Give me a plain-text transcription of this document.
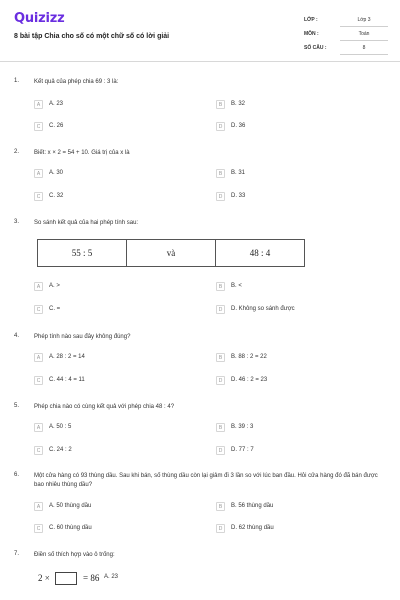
Quizizz
8 bài tập Chia cho số có một chữ số có lời giải
LỚP :	Lớp 3
MÔN :	Toán
SỐ CÂU :	8
1. Kết quả của phép chia 69 : 3 là:
A	A. 23	B	B. 32
C	C. 26	D	D. 36
2. Biết: x × 2 = 54 + 10. Giá trị của x là
A	A. 30	B	B. 31
C	C. 32	D	D. 33
3. So sánh kết quả của hai phép tính sau:
A	A. >	B	B. <
C	C. =	D	D. Không so sánh được
55 : 5	và	48 : 4
4. Phép tính nào sau đây không đúng?
A	A. 28 : 2 = 14	B	B. 88 : 2 = 22
C	C. 44 : 4 = 11	D	D. 46 : 2 = 23
5. Phép chia nào có cùng kết quả với phép chia 48 : 4?
A	A. 50 : 5	B	B. 39 : 3
C	C. 24 : 2	D	D. 77 : 7
6. Một cửa hàng có 93 thùng dầu. Sau khi bán, số thùng dầu còn lại giảm đi 3 lần so với lúc ban đầu. Hỏi cửa hàng đó đã bán được bao nhiêu thùng dầu?
A	A. 50 thùng dầu	B	B. 56 thùng dầu
C	C. 60 thùng dầu	D	D. 62 thùng dầu
7. Điền số thích hợp vào ô trống:
2 ×	= 86 A. 23
